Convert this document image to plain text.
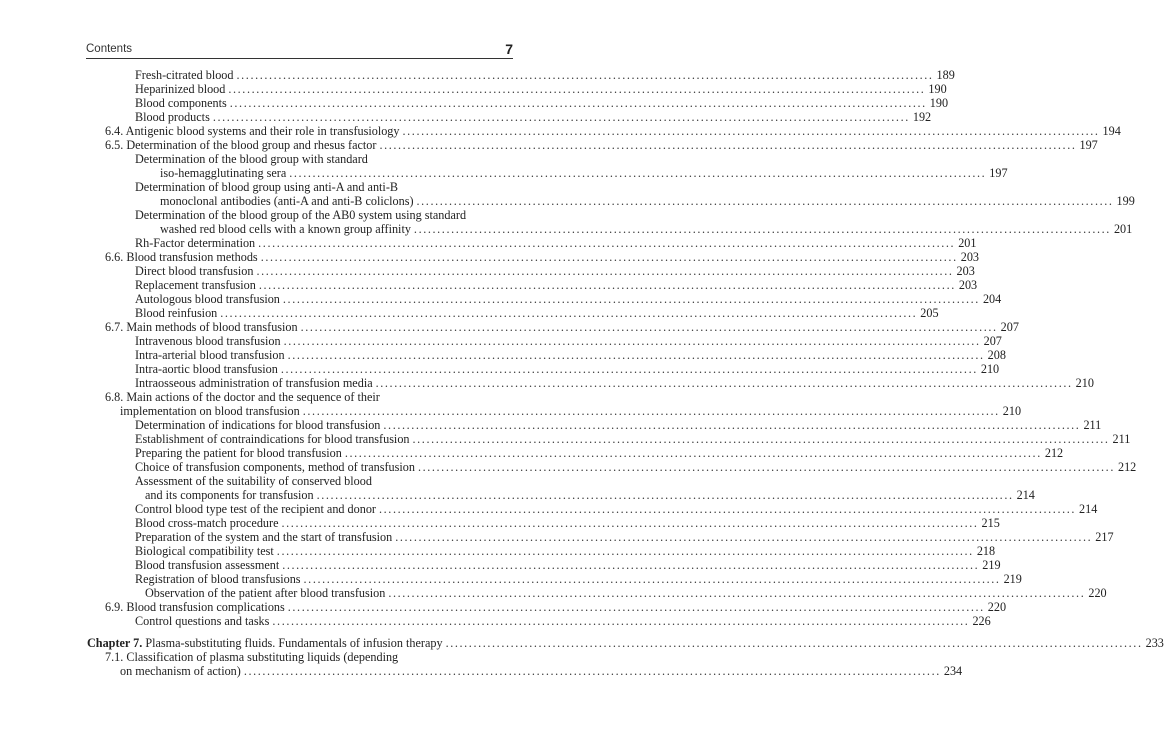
Contents	7
Fresh-citrated blood ...................................................................................................................................................... 189
Heparinized blood ...................................................................................................................................................... 190
Blood components ...................................................................................................................................................... 190
Blood products ...................................................................................................................................................... 192
6.4. Antigenic blood systems and their role in transfusiology ...................................................................................................................................................... 194
6.5. Determination of the blood group and rhesus factor ...................................................................................................................................................... 197
Determination of the blood group with standard
iso-hemagglutinating sera ...................................................................................................................................................... 197
Determination of blood group using anti-A and anti-B
monoclonal antibodies (anti-A and anti-B coliclons) ...................................................................................................................................................... 199
Determination of the blood group of the AB0 system using standard
washed red blood cells with a known group affinity ...................................................................................................................................................... 201
Rh-Factor determination ...................................................................................................................................................... 201
6.6. Blood transfusion methods ...................................................................................................................................................... 203
Direct blood transfusion ...................................................................................................................................................... 203
Replacement transfusion ...................................................................................................................................................... 203
Autologous blood transfusion ...................................................................................................................................................... 204
Blood reinfusion ...................................................................................................................................................... 205
6.7. Main methods of blood transfusion ...................................................................................................................................................... 207
Intravenous blood transfusion ...................................................................................................................................................... 207
Intra-arterial blood transfusion ...................................................................................................................................................... 208
Intra-aortic blood transfusion ...................................................................................................................................................... 210
Intraosseous administration of transfusion media ...................................................................................................................................................... 210
6.8. Main actions of the doctor and the sequence of their
implementation on blood transfusion ...................................................................................................................................................... 210
Determination of indications for blood transfusion ...................................................................................................................................................... 211
Establishment of contraindications for blood transfusion ...................................................................................................................................................... 211
Preparing the patient for blood transfusion ...................................................................................................................................................... 212
Choice of transfusion components, method of transfusion ...................................................................................................................................................... 212
Assessment of the suitability of conserved blood
and its components for transfusion ...................................................................................................................................................... 214
Control blood type test of the recipient and donor ...................................................................................................................................................... 214
Blood cross-match procedure ...................................................................................................................................................... 215
Preparation of the system and the start of transfusion ...................................................................................................................................................... 217
Biological compatibility test ...................................................................................................................................................... 218
Blood transfusion assessment ...................................................................................................................................................... 219
Registration of blood transfusions ...................................................................................................................................................... 219
Observation of the patient after blood transfusion ...................................................................................................................................................... 220
6.9. Blood transfusion complications ...................................................................................................................................................... 220
Control questions and tasks ...................................................................................................................................................... 226
Chapter 7. Plasma-substituting fluids. Fundamentals of infusion therapy ...................................................................................................................................................... 233
7.1. Classification of plasma substituting liquids (depending
on mechanism of action) ...................................................................................................................................................... 234
